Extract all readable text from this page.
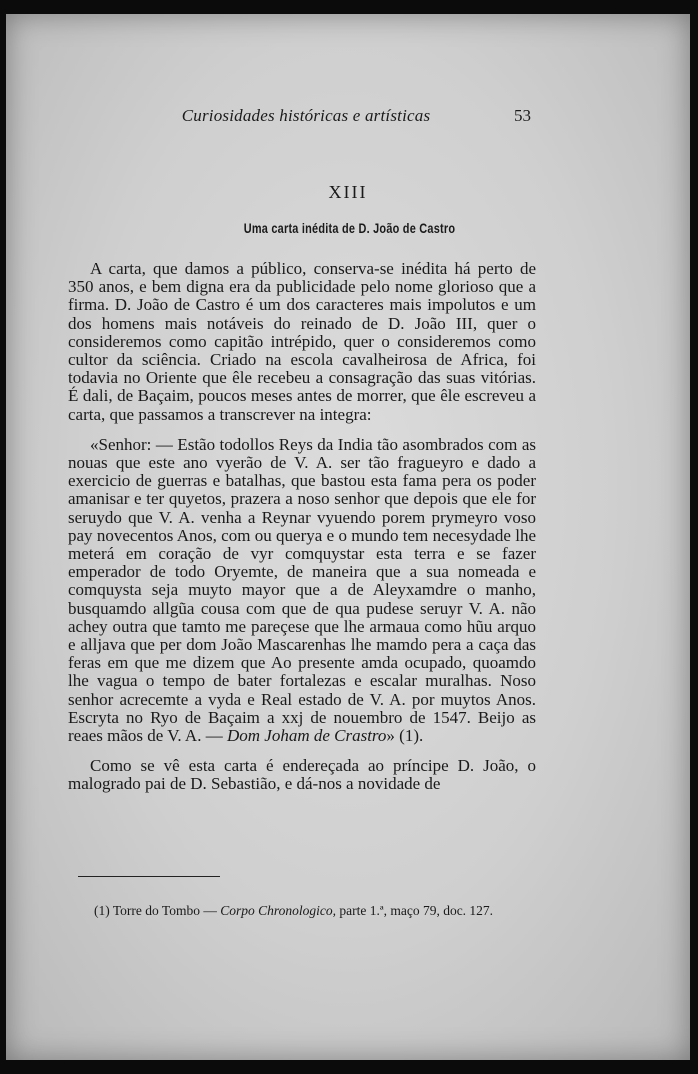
Curiosidades históricas e artísticas	53
XIII
Uma carta inédita de D. João de Castro

A carta, que damos a público, conserva-se inédita há perto de 350 anos, e bem digna era da publicidade pelo nome glorioso que a firma. D. João de Castro é um dos caracteres mais impolutos e um dos homens mais notáveis do reinado de D. João III, quer o consideremos como capitão intrépido, quer o consideremos como cultor da sciência. Criado na escola cavalheirosa de Africa, foi todavia no Oriente que êle recebeu a consagração das suas vitórias. É dali, de Baçaim, poucos meses antes de morrer, que êle escreveu a carta, que passamos a transcrever na integra:

«Senhor: — Estão todollos Reys da India tão asombrados com as nouas que este ano vyerão de V. A. ser tão fragueyro e dado a exercicio de guerras e batalhas, que bastou esta fama pera os poder amanisar e ter quyetos, prazera a noso senhor que depois que ele for seruydo que V. A. venha a Reynar vyuendo porem prymeyro voso pay novecentos Anos, com ou querya e o mundo tem necesydade lhe meterá em coração de vyr comquystar esta terra e se fazer emperador de todo Oryemte, de maneira que a sua nomeada e comquysta seja muyto mayor que a de Aleyxamdre o manho, busquamdo allgũa cousa com que de qua pudese seruyr V. A. não achey outra que tamto me pareçese que lhe armaua como hũu arquo e alljava que per dom João Mascarenhas lhe mamdo pera a caça das feras em que me dizem que Ao presente amda ocupado, quoamdo lhe vagua o tempo de bater fortalezas e escalar muralhas. Noso senhor acrecemte a vyda e Real estado de V. A. por muytos Anos. Escryta no Ryo de Baçaim a xxj de nouembro de 1547. Beijo as reaes mãos de V. A. — Dom Joham de Crastro» (1).

Como se vê esta carta é endereçada ao príncipe D. João, o malogrado pai de D. Sebastião, e dá-nos a novidade de

(1) Torre do Tombo — Corpo Chronologico, parte 1.ª, maço 79, doc. 127.
